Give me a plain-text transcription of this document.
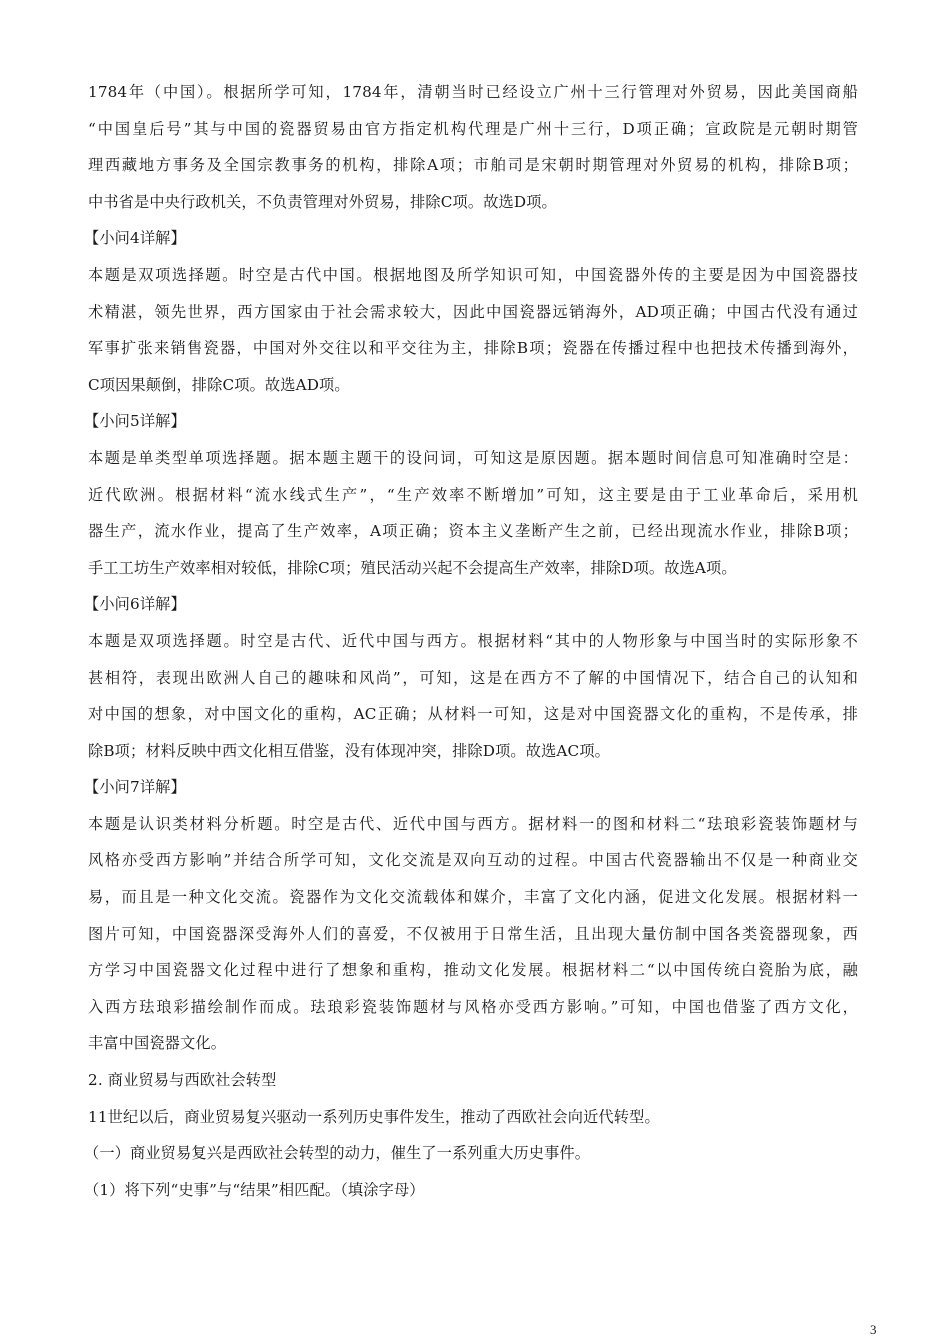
1784年（中国）。根据所学可知，1784年，清朝当时已经设立广州十三行管理对外贸易，因此美国商船
“中国皇后号”其与中国的瓷器贸易由官方指定机构代理是广州十三行，D项正确；宣政院是元朝时期管
理西藏地方事务及全国宗教事务的机构，排除A项；市舶司是宋朝时期管理对外贸易的机构，排除B项；
中书省是中央行政机关，不负责管理对外贸易，排除C项。故选D项。
【小问4详解】
本题是双项选择题。时空是古代中国。根据地图及所学知识可知，中国瓷器外传的主要是因为中国瓷器技
术精湛，领先世界，西方国家由于社会需求较大，因此中国瓷器远销海外，AD项正确；中国古代没有通过
军事扩张来销售瓷器，中国对外交往以和平交往为主，排除B项；瓷器在传播过程中也把技术传播到海外，
C项因果颠倒，排除C项。故选AD项。
【小问5详解】
本题是单类型单项选择题。据本题主题干的设问词，可知这是原因题。据本题时间信息可知准确时空是：
近代欧洲。根据材料“流水线式生产”，“生产效率不断增加”可知，这主要是由于工业革命后，采用机
器生产，流水作业，提高了生产效率，A项正确；资本主义垄断产生之前，已经出现流水作业，排除B项；
手工工坊生产效率相对较低，排除C项；殖民活动兴起不会提高生产效率，排除D项。故选A项。
【小问6详解】
本题是双项选择题。时空是古代、近代中国与西方。根据材料“其中的人物形象与中国当时的实际形象不
甚相符，表现出欧洲人自己的趣味和风尚”，可知，这是在西方不了解的中国情况下，结合自己的认知和
对中国的想象，对中国文化的重构，AC正确；从材料一可知，这是对中国瓷器文化的重构，不是传承，排
除B项；材料反映中西文化相互借鉴，没有体现冲突，排除D项。故选AC项。
【小问7详解】
本题是认识类材料分析题。时空是古代、近代中国与西方。据材料一的图和材料二“珐琅彩瓷装饰题材与
风格亦受西方影响”并结合所学可知，文化交流是双向互动的过程。中国古代瓷器输出不仅是一种商业交
易，而且是一种文化交流。瓷器作为文化交流载体和媒介，丰富了文化内涵，促进文化发展。根据材料一
图片可知，中国瓷器深受海外人们的喜爱，不仅被用于日常生活，且出现大量仿制中国各类瓷器现象，西
方学习中国瓷器文化过程中进行了想象和重构，推动文化发展。根据材料二“以中国传统白瓷胎为底，融
入西方珐琅彩描绘制作而成。珐琅彩瓷装饰题材与风格亦受西方影响。”可知，中国也借鉴了西方文化，
丰富中国瓷器文化。
2. 商业贸易与西欧社会转型
11世纪以后，商业贸易复兴驱动一系列历史事件发生，推动了西欧社会向近代转型。
（一）商业贸易复兴是西欧社会转型的动力，催生了一系列重大历史事件。
（1）将下列“史事”与“结果”相匹配。（填涂字母）
3
